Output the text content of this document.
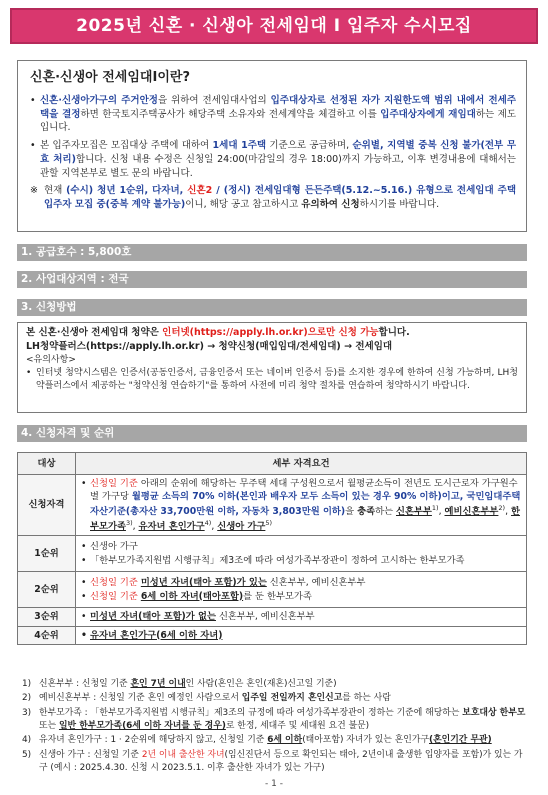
2025년 신혼 · 신생아 전세임대 Ⅰ 입주자 수시모집
신혼·신생아 전세임대Ⅰ이란?
• 신혼·신생아가구의 주거안정을 위하여 전세임대사업의 입주대상자로 선정된 자가 지원한도액 범위 내에서 전세주택을 결정하면 한국토지주택공사가 해당주택 소유자와 전세계약을 체결하고 이를 입주대상자에게 재임대하는 제도입니다.
• 본 입주자모집은 모집대상 주택에 대하여 1세대 1주택 기준으로 공급하며, 순위별, 지역별 중복 신청 불가(전부 무효 처리)합니다. 신청 내용 수정은 신청일 24:00(마감일의 경우 18:00)까지 가능하고, 이후 변경내용에 대해서는 관할 지역본부로 별도 문의 바랍니다.
※ 현재 (수시) 청년 1순위, 다자녀, 신혼2 / (정시) 전세임대형 든든주택(5.12.~5.16.) 유형으로 전세임대 주택 입주자 모집 중(중복 계약 불가능)이니, 해당 공고 참고하시고 유의하여 신청하시기를 바랍니다.
1. 공급호수 : 5,800호
2. 사업대상지역 : 전국
3. 신청방법
본 신혼·신생아 전세임대 청약은 인터넷(https://apply.lh.or.kr)으로만 신청 가능합니다.
LH청약플러스(https://apply.lh.or.kr) → 청약신청(매입임대/전세임대) → 전세임대
<유의사항>
• 인터넷 청약시스템은 인증서(공동인증서, 금융인증서 또는 네이버 인증서 등)를 소지한 경우에 한하여 신청 가능하며, LH청약플러스에서 제공하는 "청약신청 연습하기"를 통하여 사전에 미리 청약 절차를 연습하여 청약하시기 바랍니다.
4. 신청자격 및 순위
대상	세부 자격요건
신청자격	• 신청일 기준 아래의 순위에 해당하는 무주택 세대 구성원으로서 월평균소득이 전년도 도시근로자 가구원수별 가구당 월평균 소득의 70% 이하(본인과 배우자 모두 소득이 있는 경우 90% 이하)이고, 국민임대주택 자산기준(총자산 33,700만원 이하, 자동차 3,803만원 이하)을 충족하는 신혼부부$^{1)}$, 예비신혼부부$^{2)}$, 한부모가족$^{3)}$, 유자녀 혼인가구$^{4)}$, 신생아 가구$^{5)}$

1순위	• 신생아 가구
• 「한부모가족지원법 시행규칙」제3조에 따라 여성가족부장관이 정하여 고시하는 한부모가족

2순위	• 신청일 기준 미성년 자녀(태아 포함)가 있는 신혼부부, 예비신혼부부
• 신청일 기준 6세 이하 자녀(태아포함)를 둔 한부모가족

3순위	• 미성년 자녀(태아 포함)가 없는 신혼부부, 예비신혼부부

4순위	• 유자녀 혼인가구(6세 이하 자녀)
1) 신혼부부 : 신청일 기준 혼인 7년 이내인 사람(혼인은 혼인(재혼)신고일 기준)
2) 예비신혼부부 : 신청일 기준 혼인 예정인 사람으로서 입주일 전일까지 혼인신고를 하는 사람
3) 한부모가족 : 「한부모가족지원법 시행규칙」제3조의 규정에 따라 여성가족부장관이 정하는 기준에 해당하는 보호대상 한부모 또는 일반 한부모가족(6세 이하 자녀를 둔 경우)로 한정, 세대주 및 세대원 요건 불문)
4) 유자녀 혼인가구 : 1 · 2순위에 해당하지 않고, 신청일 기준 6세 이하(태아포함) 자녀가 있는 혼인가구(혼인기간 무관)
5) 신생아 가구 : 신청일 기준 2년 이내 출산한 자녀(임신진단서 등으로 확인되는 태아, 2년이내 출생한 입양자를 포함)가 있는 가구 (예시 : 2025.4.30. 신청 시 2023.5.1. 이후 출산한 자녀가 있는 가구)
- 1 -
